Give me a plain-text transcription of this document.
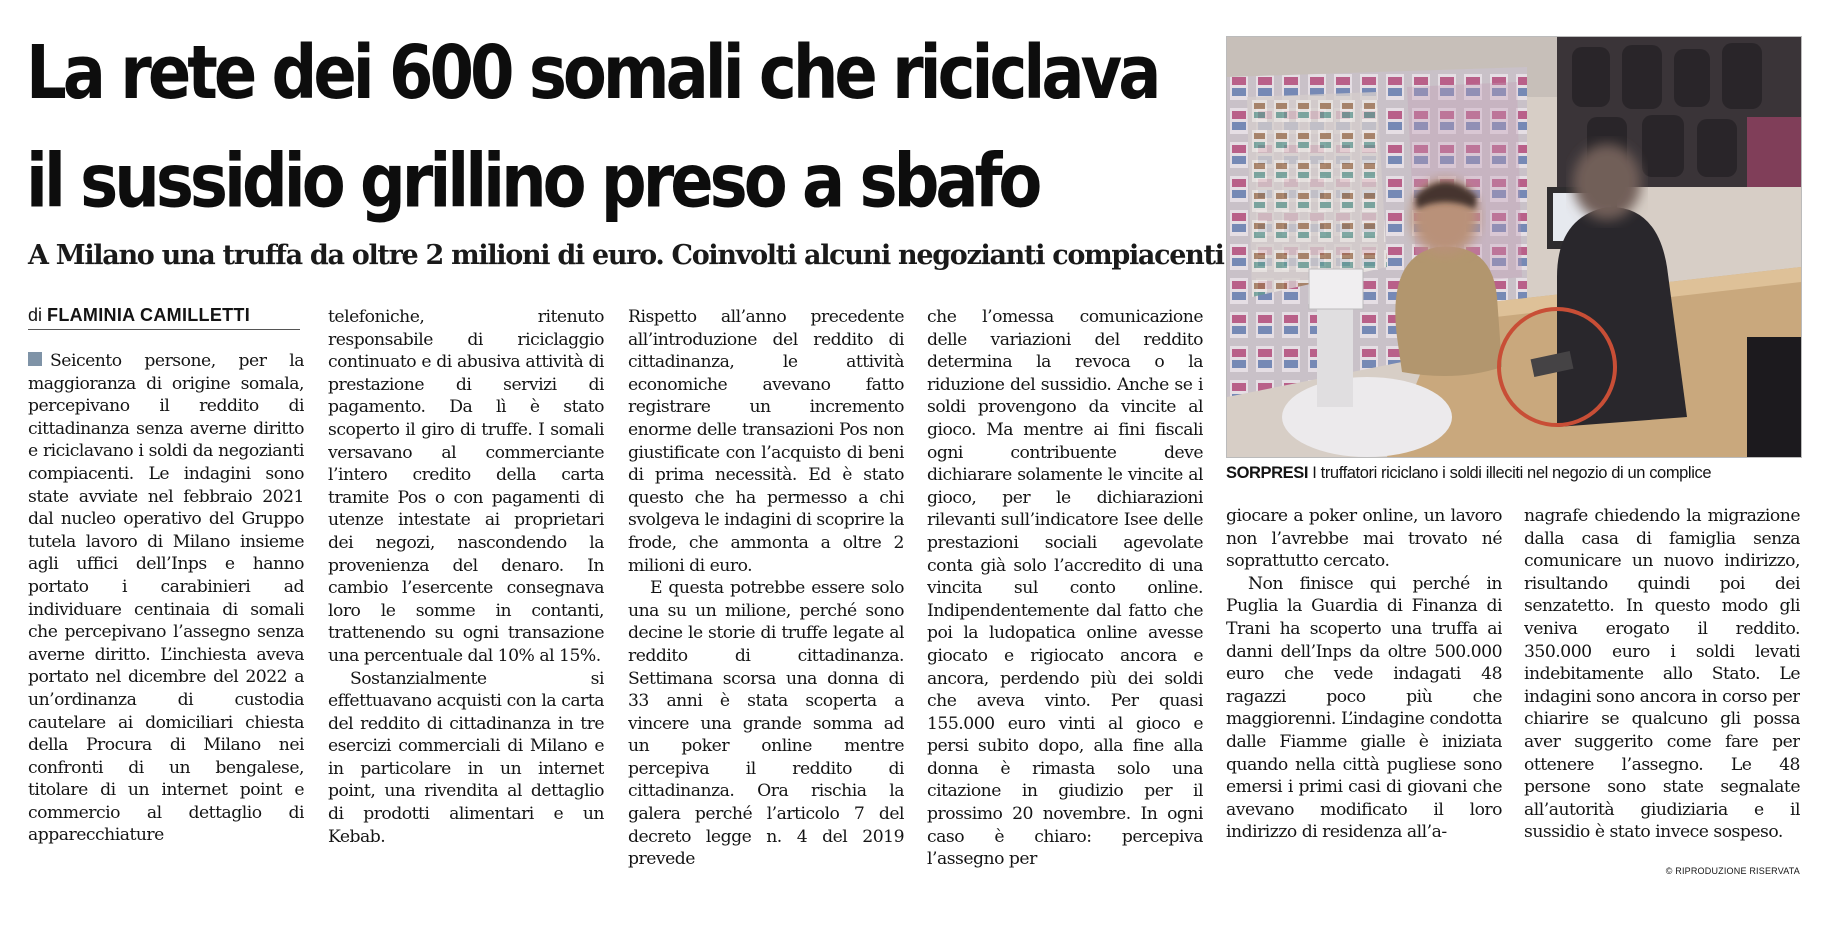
La rete dei 600 somali che riciclava
il sussidio grillino preso a sbafo
A Milano una truffa da oltre 2 milioni di euro. Coinvolti alcuni negozianti compiacenti
di FLAMINIA CAMILLETTI

Seicento persone, per la maggioranza di origine somala, percepivano il reddito di cittadinanza senza averne diritto e riciclavano i soldi da negozianti compiacenti. Le indagini sono state avviate nel febbraio 2021 dal nucleo operativo del Gruppo tutela lavoro di Milano insieme agli uffici dell’Inps e hanno portato i carabinieri ad individuare centinaia di somali che percepivano l’assegno senza averne diritto. L’inchiesta aveva portato nel dicembre del 2022 a un’ordinanza di custodia cautelare ai domiciliari chiesta della Procura di Milano nei confronti di un bengalese, titolare di un internet point e commercio al dettaglio di apparecchiature

telefoniche, ritenuto responsabile di riciclaggio continuato e di abusiva attività di prestazione di servizi di pagamento. Da lì è stato scoperto il giro di truffe. I somali versavano al commerciante l’intero credito della carta tramite Pos o con pagamenti di utenze intestate ai proprietari dei negozi, nascondendo la provenienza del denaro. In cambio l’esercente consegnava loro le somme in contanti, trattenendo su ogni transazione una percentuale dal 10% al 15%.

Sostanzialmente si effettuavano acquisti con la carta del reddito di cittadinanza in tre esercizi commerciali di Milano e in particolare in un internet point, una rivendita al dettaglio di prodotti alimentari e un Kebab.

Rispetto all’anno precedente all’introduzione del reddito di cittadinanza, le attività economiche avevano fatto registrare un incremento enorme delle transazioni Pos non giustificate con l’acquisto di beni di prima necessità. Ed è stato questo che ha permesso a chi svolgeva le indagini di scoprire la frode, che ammonta a oltre 2 milioni di euro.

E questa potrebbe essere solo una su un milione, perché sono decine le storie di truffe legate al reddito di cittadinanza. Settimana scorsa una donna di 33 anni è stata scoperta a vincere una grande somma ad un poker online mentre percepiva il reddito di cittadinanza. Ora rischia la galera perché l’articolo 7 del decreto legge n. 4 del 2019 prevede

che l’omessa comunicazione delle variazioni del reddito determina la revoca o la riduzione del sussidio. Anche se i soldi provengono da vincite al gioco. Ma mentre ai fini fiscali ogni contribuente deve dichiarare solamente le vincite al gioco, per le dichiarazioni rilevanti sull’indicatore Isee delle prestazioni sociali agevolate conta già solo l’accredito di una vincita sul conto online. Indipendentemente dal fatto che poi la ludopatica online avesse giocato e rigiocato ancora e ancora, perdendo più dei soldi che aveva vinto. Per quasi 155.000 euro vinti al gioco e persi subito dopo, alla fine alla donna è rimasta solo una citazione in giudizio per il prossimo 20 novembre. In ogni caso è chiaro: percepiva l’assegno per

SORPRESI I truffatori riciclano i soldi illeciti nel negozio di un complice

giocare a poker online, un lavoro non l’avrebbe mai trovato né soprattutto cercato.

Non finisce qui perché in Puglia la Guardia di Finanza di Trani ha scoperto una truffa ai danni dell’Inps da oltre 500.000 euro che vede indagati 48 ragazzi poco più che maggiorenni. L’indagine condotta dalle Fiamme gialle è iniziata quando nella città pugliese sono emersi i primi casi di giovani che avevano modificato il loro indirizzo di residenza all’a-

nagrafe chiedendo la migrazione dalla casa di famiglia senza comunicare un nuovo indirizzo, risultando quindi poi dei senzatetto. In questo modo gli veniva erogato il reddito. 350.000 euro i soldi levati indebitamente allo Stato. Le indagini sono ancora in corso per chiarire se qualcuno gli possa aver suggerito come fare per ottenere l’assegno. Le 48 persone sono state segnalate all’autorità giudiziaria e il sussidio è stato invece sospeso.

© RIPRODUZIONE RISERVATA
